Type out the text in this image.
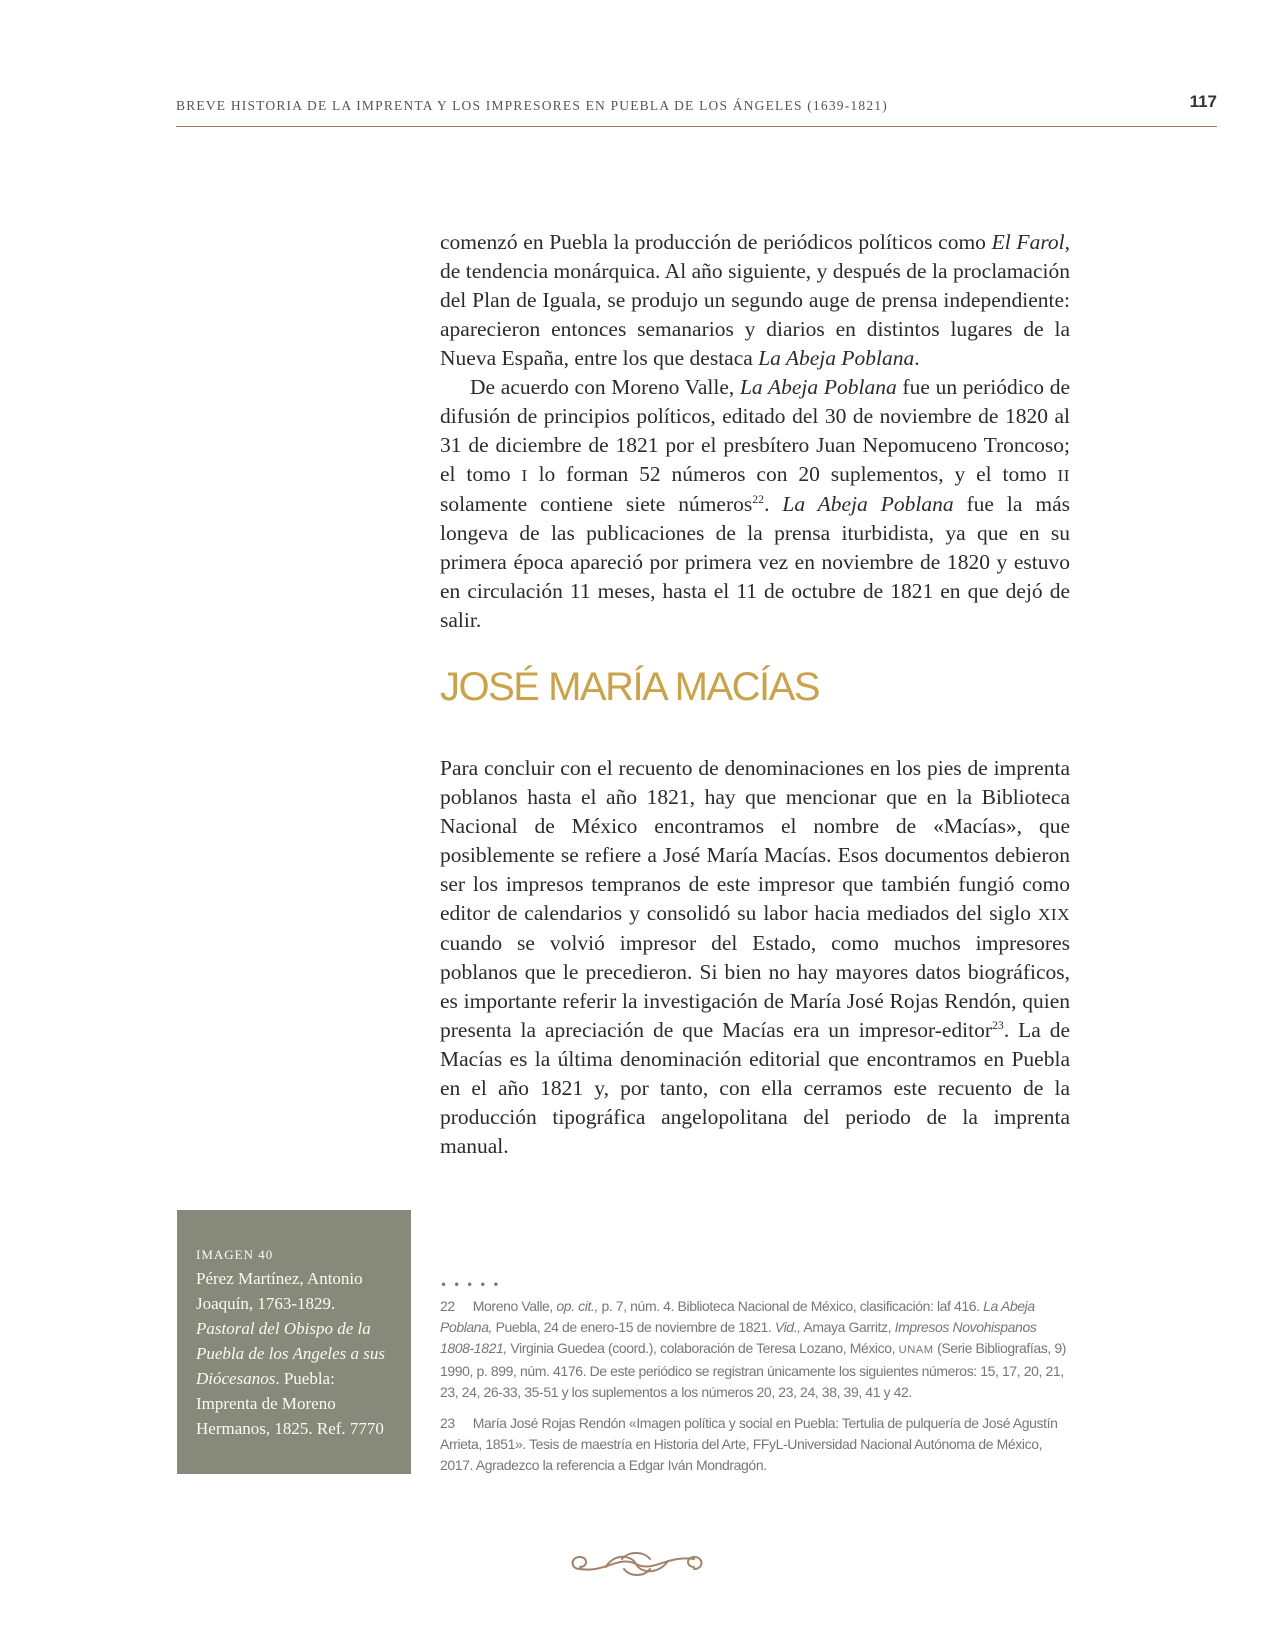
BREVE HISTORIA DE LA IMPRENTA Y LOS IMPRESORES EN PUEBLA DE LOS ÁNGELES (1639-1821)	117

comenzó en Puebla la producción de periódicos políticos como El Farol, de tendencia monárquica. Al año siguiente, y después de la proclamación del Plan de Iguala, se produjo un segundo auge de prensa independiente: aparecieron entonces semanarios y diarios en distintos lugares de la Nueva España, entre los que destaca La Abeja Poblana.

De acuerdo con Moreno Valle, La Abeja Poblana fue un periódico de difusión de principios políticos, editado del 30 de noviembre de 1820 al 31 de diciembre de 1821 por el presbítero Juan Nepomuceno Troncoso; el tomo I lo forman 52 números con 20 suplementos, y el tomo II solamente contiene siete números$^{22}$. La Abeja Poblana fue la más longeva de las publicaciones de la prensa iturbidista, ya que en su primera época apareció por primera vez en noviembre de 1820 y estuvo en circulación 11 meses, hasta el 11 de octubre de 1821 en que dejó de salir.

JOSÉ MARÍA MACÍAS

Para concluir con el recuento de denominaciones en los pies de imprenta poblanos hasta el año 1821, hay que mencionar que en la Biblioteca Nacional de México encontramos el nombre de «Macías», que posiblemente se refiere a José María Macías. Esos documentos debieron ser los impresos tempranos de este impresor que también fungió como editor de calendarios y consolidó su labor hacia mediados del siglo XIX cuando se volvió impresor del Estado, como muchos impresores poblanos que le precedieron. Si bien no hay mayores datos biográficos, es importante referir la investigación de María José Rojas Rendón, quien presenta la apreciación de que Macías era un impresor-editor$^{23}$. La de Macías es la última denominación editorial que encontramos en Puebla en el año 1821 y, por tanto, con ella cerramos este recuento de la producción tipográfica angelopolitana del periodo de la imprenta manual.

IMAGEN 40
Pérez Martínez, Antonio Joaquín, 1763-1829. Pastoral del Obispo de la Puebla de los Angeles a sus Diócesanos. Puebla: Imprenta de Moreno Hermanos, 1825. Ref. 7770
•••••

22 Moreno Valle, op. cit., p. 7, núm. 4. Biblioteca Nacional de México, clasificación: laf 416. La Abeja Poblana, Puebla, 24 de enero-15 de noviembre de 1821. Vid., Amaya Garritz, Impresos Novohispanos 1808-1821, Virginia Guedea (coord.), colaboración de Teresa Lozano, México, UNAM (Serie Bibliografías, 9) 1990, p. 899, núm. 4176. De este periódico se registran únicamente los siguientes números: 15, 17, 20, 21, 23, 24, 26-33, 35-51 y los suplementos a los números 20, 23, 24, 38, 39, 41 y 42.

23 María José Rojas Rendón «Imagen política y social en Puebla: Tertulia de pulquería de José Agustín Arrieta, 1851». Tesis de maestría en Historia del Arte, FFyL-Universidad Nacional Autónoma de México, 2017. Agradezco la referencia a Edgar Iván Mondragón.
